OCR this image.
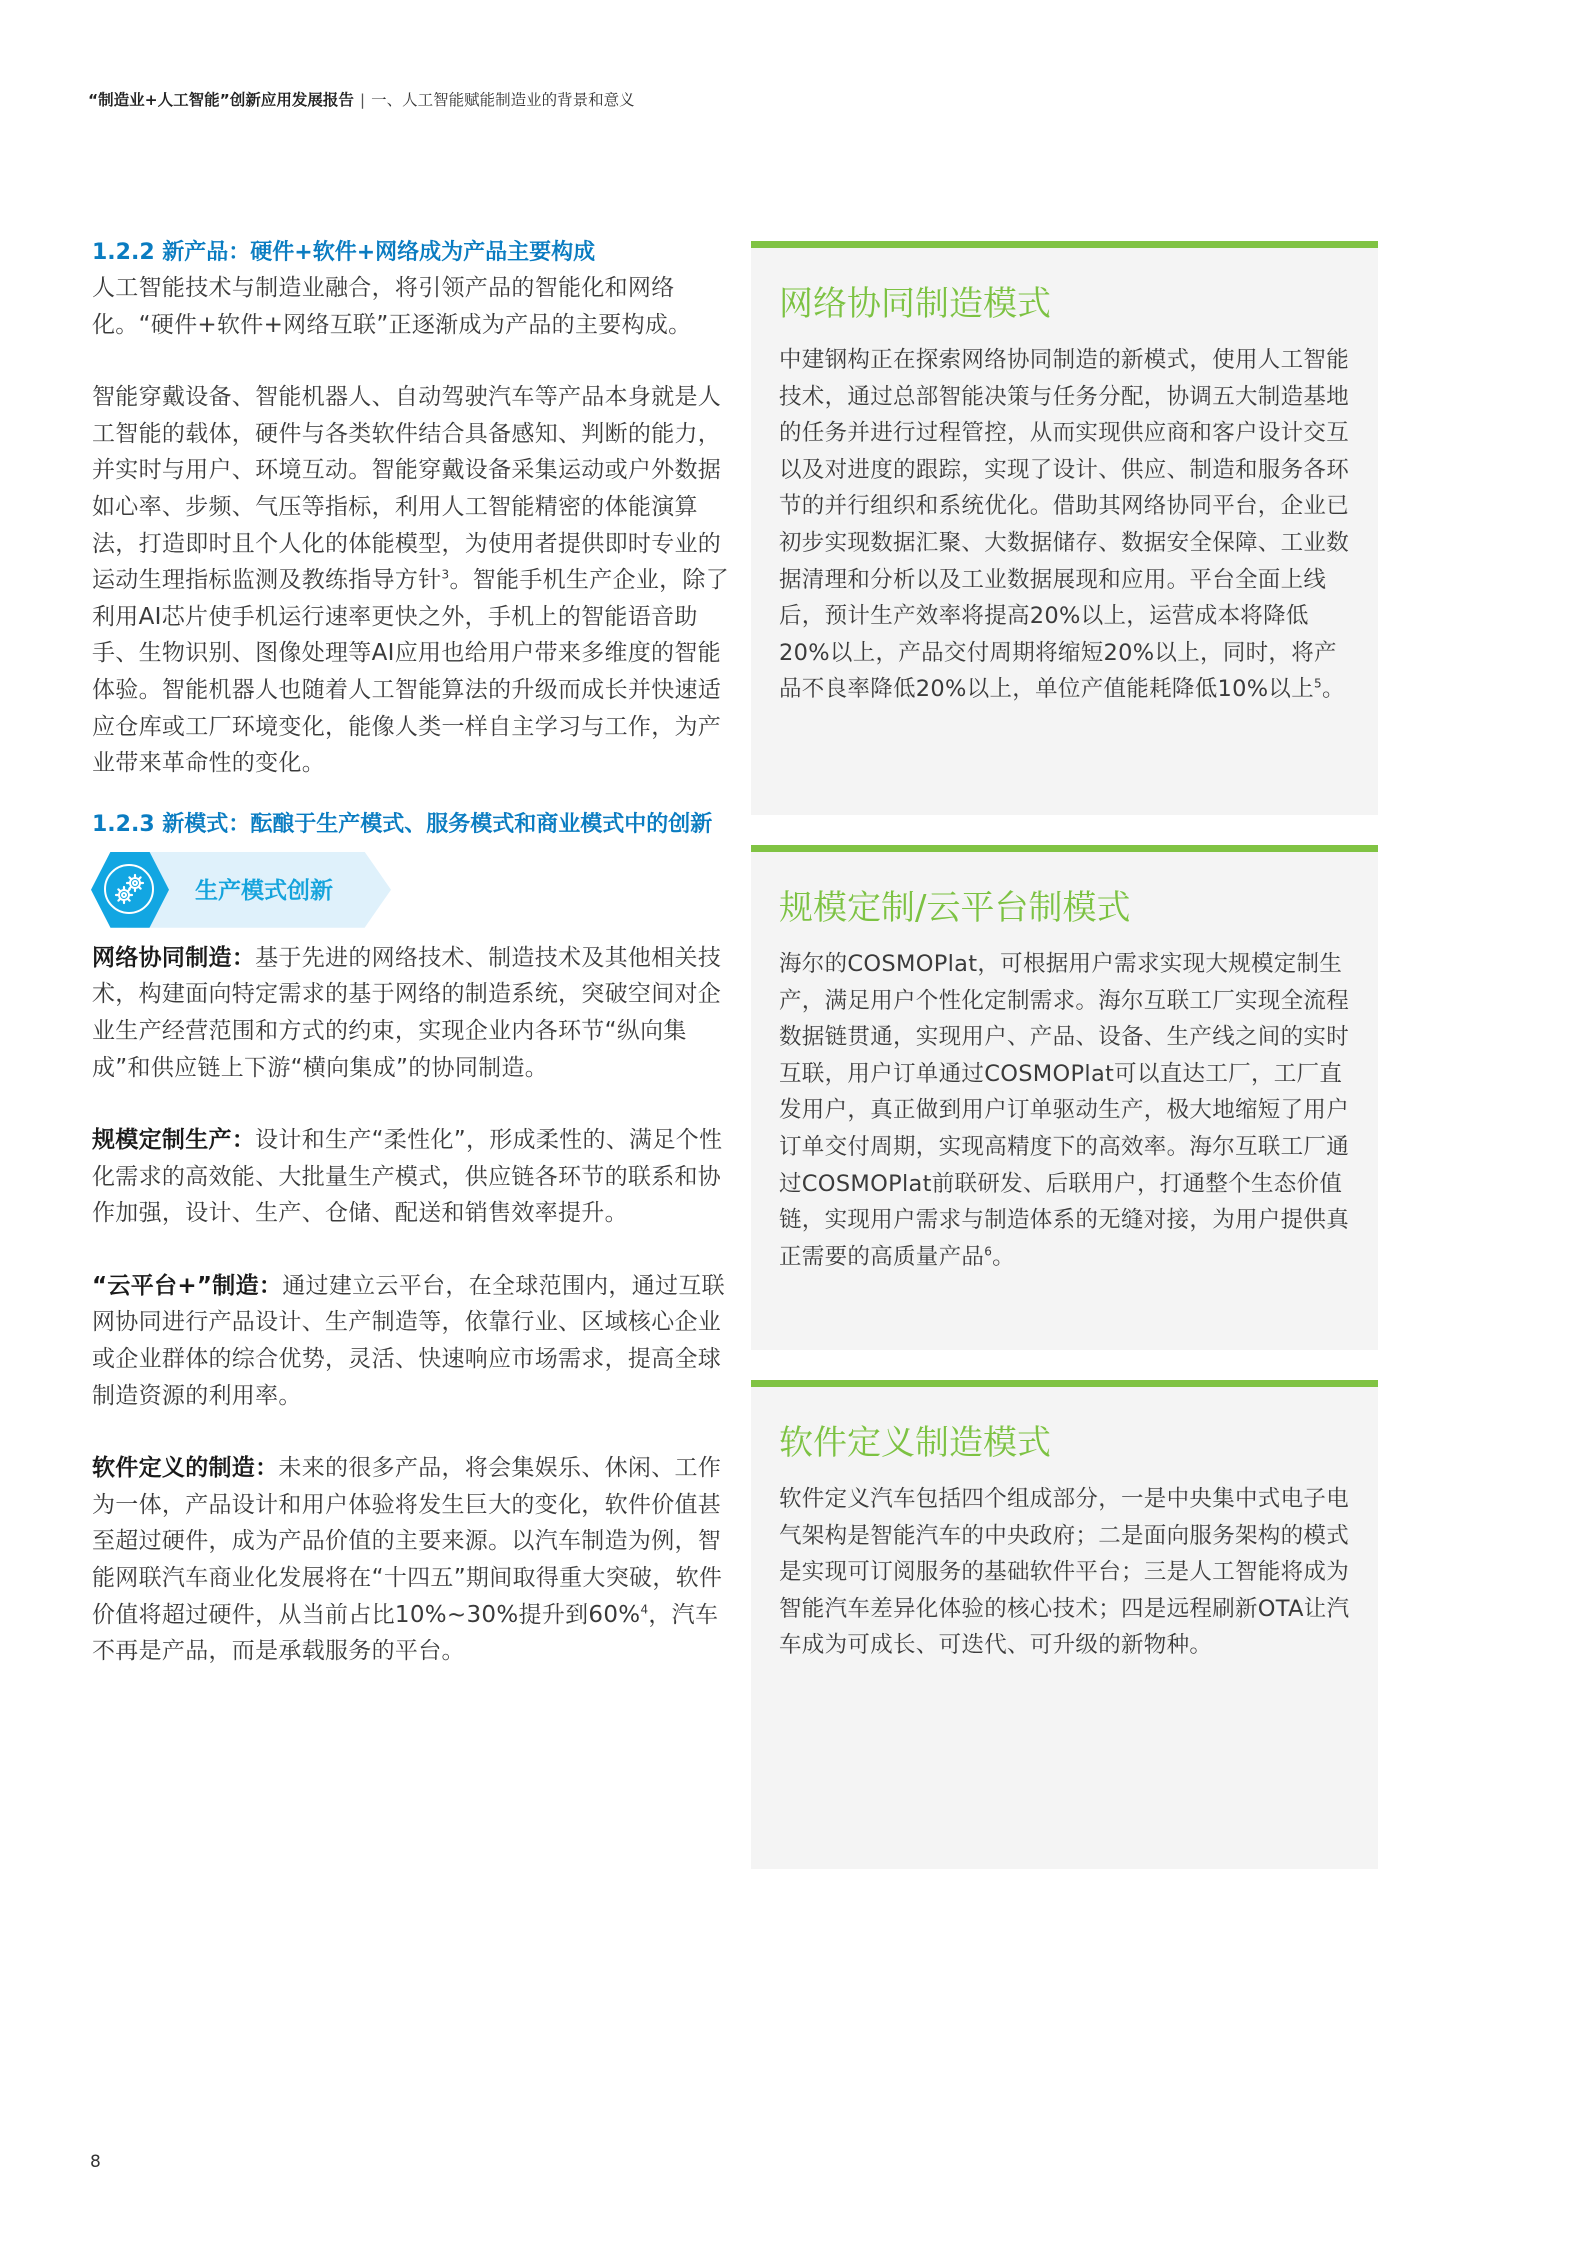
“制造业+人工智能”创新应用发展报告 | 一、人工智能赋能制造业的背景和意义
1.2.2 新产品：硬件+软件+网络成为产品主要构成

人工智能技术与制造业融合，将引领产品的智能化和网络化。“硬件+软件+网络互联”正逐渐成为产品的主要构成。

智能穿戴设备、智能机器人、自动驾驶汽车等产品本身就是人工智能的载体，硬件与各类软件结合具备感知、判断的能力，并实时与用户、环境互动。智能穿戴设备采集运动或户外数据如心率、步频、气压等指标，利用人工智能精密的体能演算法，打造即时且个人化的体能模型，为使用者提供即时专业的运动生理指标监测及教练指导方针$^3$。智能手机生产企业，除了利用AI芯片使手机运行速率更快之外，手机上的智能语音助手、生物识别、图像处理等AI应用也给用户带来多维度的智能体验。智能机器人也随着人工智能算法的升级而成长并快速适应仓库或工厂环境变化，能像人类一样自主学习与工作，为产业带来革命性的变化。

1.2.3 新模式：酝酿于生产模式、服务模式和商业模式中的创新
生产模式创新

网络协同制造：基于先进的网络技术、制造技术及其他相关技术，构建面向特定需求的基于网络的制造系统，突破空间对企业生产经营范围和方式的约束，实现企业内各环节“纵向集成”和供应链上下游“横向集成”的协同制造。

规模定制生产：设计和生产“柔性化”，形成柔性的、满足个性化需求的高效能、大批量生产模式，供应链各环节的联系和协作加强，设计、生产、仓储、配送和销售效率提升。

“云平台+”制造：通过建立云平台，在全球范围内，通过互联网协同进行产品设计、生产制造等，依靠行业、区域核心企业或企业群体的综合优势，灵活、快速响应市场需求，提高全球制造资源的利用率。

软件定义的制造：未来的很多产品，将会集娱乐、休闲、工作为一体，产品设计和用户体验将发生巨大的变化，软件价值甚至超过硬件，成为产品价值的主要来源。以汽车制造为例，智能网联汽车商业化发展将在“十四五”期间取得重大突破，软件价值将超过硬件，从当前占比10%~30%提升到60%$^4$，汽车不再是产品，而是承载服务的平台。

网络协同制造模式

中建钢构正在探索网络协同制造的新模式，使用人工智能技术，通过总部智能决策与任务分配，协调五大制造基地的任务并进行过程管控，从而实现供应商和客户设计交互以及对进度的跟踪，实现了设计、供应、制造和服务各环节的并行组织和系统优化。借助其网络协同平台，企业已初步实现数据汇聚、大数据储存、数据安全保障、工业数据清理和分析以及工业数据展现和应用。平台全面上线后，预计生产效率将提高20%以上，运营成本将降低20%以上，产品交付周期将缩短20%以上，同时，将产品不良率降低20%以上，单位产值能耗降低10%以上$^5$。

规模定制/云平台制模式

海尔的COSMOPlat，可根据用户需求实现大规模定制生产，满足用户个性化定制需求。海尔互联工厂实现全流程数据链贯通，实现用户、产品、设备、生产线之间的实时互联，用户订单通过COSMOPlat可以直达工厂，工厂直发用户，真正做到用户订单驱动生产，极大地缩短了用户订单交付周期，实现高精度下的高效率。海尔互联工厂通过COSMOPlat前联研发、后联用户，打通整个生态价值链，实现用户需求与制造体系的无缝对接，为用户提供真正需要的高质量产品$^6$。

软件定义制造模式

软件定义汽车包括四个组成部分，一是中央集中式电子电气架构是智能汽车的中央政府；二是面向服务架构的模式是实现可订阅服务的基础软件平台；三是人工智能将成为智能汽车差异化体验的核心技术；四是远程刷新OTA让汽车成为可成长、可迭代、可升级的新物种。

8
